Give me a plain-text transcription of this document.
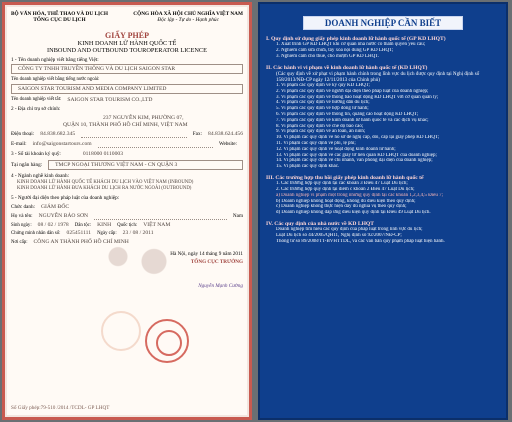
BỘ VĂN HÓA, THỂ THAO VÀ DU LỊCH
TỔNG CỤC DU LỊCH
CỘNG HÒA XÃ HỘI CHỦ NGHĨA VIỆT NAM
Độc lập - Tự do - Hạnh phúc
GIẤY PHÉP
KINH DOANH LỮ HÀNH QUỐC TẾ
INBOUND AND OUTBOUND TOUROPERATOR LICENCE
1 - Tên doanh nghiệp viết bằng tiếng Việt:
CÔNG TY TNHH TRUYỀN THÔNG VÀ DU LỊCH SAIGON STAR
Tên doanh nghiệp viết bằng tiếng nước ngoài:
SAIGON STAR TOURISM AND MEDIA COMPANY LIMITED
Tên doanh nghiệp viết tắt: SAIGON STAR TOURISM CO.,LTD
2 - Địa chỉ trụ sở chính:
237 NGUYỄN KIM, PHƯỜNG 07,
QUẬN 10, THÀNH PHỐ HỒ CHÍ MINH, VIỆT NAM
Điện thoại: 84.838.682.345	Fax: 84.838.624.456
E-mail: info@saigonstartours.com	Website:
3 - Số tài khoản ký quỹ:	0118000 0110003
Tại ngân hàng:	TMCP NGOẠI THƯƠNG VIỆT NAM - CN QUẬN 3
4 - Ngành nghề kinh doanh:
KINH DOANH LỮ HÀNH QUỐC TẾ KHÁCH DU LỊCH VÀO VIỆT NAM (INBOUND)
KINH DOANH LỮ HÀNH ĐƯA KHÁCH DU LỊCH RA NƯỚC NGOÀI (OUTBOUND)
5 - Người đại diện theo pháp luật của doanh nghiệp:
Chức danh: GIÁM ĐỐC
Họ và tên: NGUYỄN BẢO SƠN	Nam
Sinh ngày: 08 / 02 / 1978 Dân tộc: KINH Quốc tịch: VIỆT NAM
Chứng minh nhân dân số: 025451111 Ngày cấp: 23 / 08 / 2011
Nơi cấp: CÔNG AN THÀNH PHỐ HỒ CHÍ MINH
Hà Nội, ngày 14 tháng 9 năm 2011
TỔNG CỤC TRƯỞNG
Nguyễn Mạnh Cường
Số Giấy phép:79-510 /2014 /TCDL- GP LHQT
DOANH NGHIỆP CẦN BIẾT
I. Quy định sử dụng giấy phép kinh doanh lữ hành quốc tế (GP KD LHQT)
1. Xuất trình GP KD LHQT khi cơ quan nhà nước có thẩm quyền yêu cầu;
2. Nghiêm cấm sửa chữa, tẩy xóa nội dung GP KD LHQT;
3. Nghiêm cấm cho thuê, cho mượn GP KD LHQT.
II. Các hành vi vi phạm về kinh doanh lữ hành quốc tế (KD LHQT)
(Các quy định về xử phạt vi phạm hành chính trong lĩnh vực du lịch được quy định tại Nghị định số 158/2013/NĐ-CP ngày 12/11/2013 của Chính phủ)
1. Vi phạm các quy định về ký quỹ KD LHQT;
2. Vi phạm các quy định về người đại diện theo pháp luật của doanh nghiệp;
3. Vi phạm các quy định về thông báo hoạt động KD LHQT với cơ quan quản lý;
4. Vi phạm các quy định về hướng dẫn du lịch;
5. Vi phạm các quy định về hợp đồng lữ hành;
6. Vi phạm các quy định về thông tin, quảng cáo hoạt động KD LHQT;
7. Vi phạm các quy định về kinh doanh lữ hành quốc tế và các dịch vụ khác;
8. Vi phạm các quy định về chế độ báo cáo;
9. Vi phạm các quy định về an toàn, an ninh;
10. Vi phạm các quy định về hồ sơ đề nghị cấp, đổi, cấp lại giấy phép KD LHQT;
11. Vi phạm các quy định về phí, lệ phí;
12. Vi phạm các quy định về hoạt động kinh doanh lữ hành;
13. Vi phạm các quy định về các giấy tờ liên quan KD LHQT của doanh nghiệp;
14. Vi phạm các quy định về chi nhánh, văn phòng đại diện của doanh nghiệp;
15. Vi phạm các quy định khác.
III. Các trường hợp thu hồi giấy phép kinh doanh lữ hành quốc tế
1. Các trường hợp quy định tại các khoản 3 Điều 47 Luật Du lịch;
2. Các trường hợp quy định tại điểm c khoản 2 Điều 47 Luật Du lịch;
a) Doanh nghiệp vi phạm một trong những quy định tại các khoản 1,2,3,4,5 Điều 7;
b) Doanh nghiệp không hoạt động, không đủ điều kiện theo quy định;
c) Doanh nghiệp không thực hiện đầy đủ nghĩa vụ theo quy định;
d) Doanh nghiệp không đáp ứng điều kiện quy định tại Điều 49 Luật Du lịch.
IV. Các quy định của nhà nước về KD LHQT
Doanh nghiệp tìm hiểu các quy định của pháp luật trong lĩnh vực du lịch;
Luật Du lịch số 44/2005/QH11, Nghị định số 92/2007/NĐ-CP;
Thông tư số 89/2008/TT-BVHTTDL, và các văn bản quy phạm pháp luật hiện hành.
